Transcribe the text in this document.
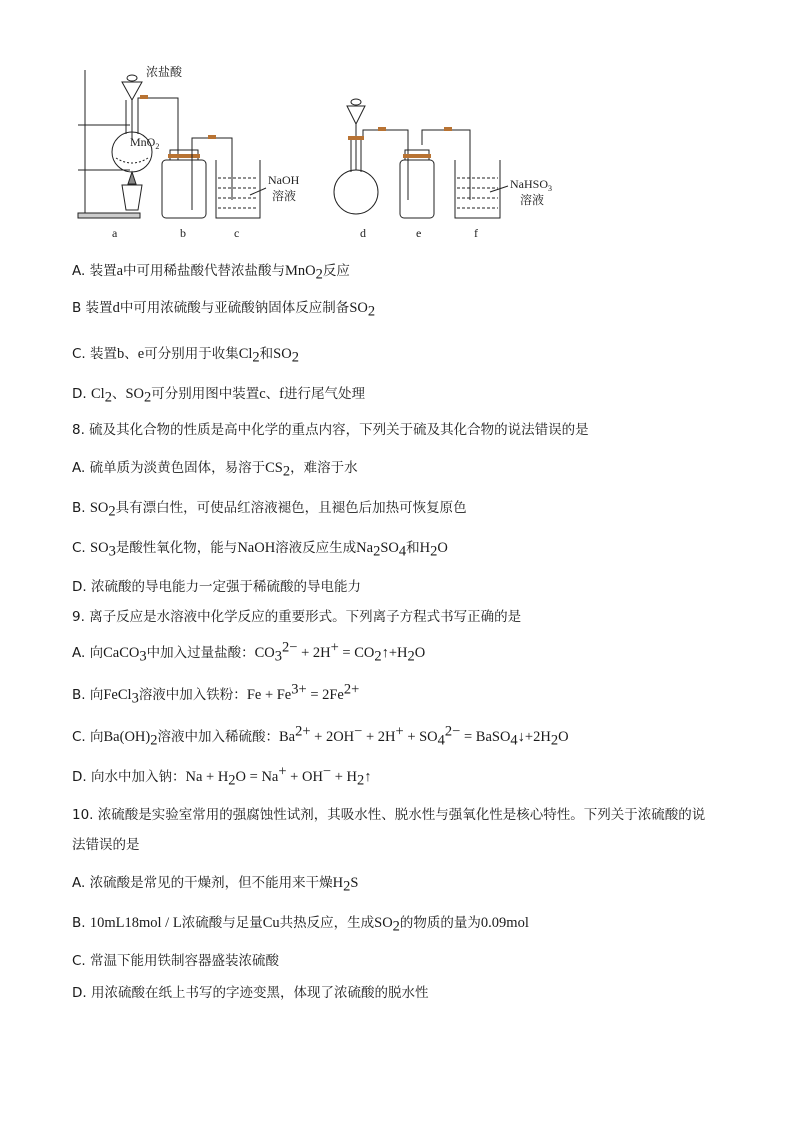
浓盐酸
MnO$_2$
NaOH
溶液
NaHSO$_3$
溶液
a	b	c	d	e	f
A. 装置a中可用稀盐酸代替浓盐酸与MnO$_2$反应
B 装置d中可用浓硫酸与亚硫酸钠固体反应制备$SO_2$
C. 装置b、e可分别用于收集$Cl_2$和$SO_2$
D. $Cl_2$、$SO_2$可分别用图中装置c、f进行尾气处理
8. 硫及其化合物的性质是高中化学的重点内容，下列关于硫及其化合物的说法错误的是
A. 硫单质为淡黄色固体，易溶于$CS_2$，难溶于水
B. $SO_2$具有漂白性，可使品红溶液褪色，且褪色后加热可恢复原色
C. $SO_3$是酸性氧化物，能与NaOH溶液反应生成$Na_2SO_4$和$H_2O$
D. 浓硫酸的导电能力一定强于稀硫酸的导电能力
9. 离子反应是水溶液中化学反应的重要形式。下列离子方程式书写正确的是
A. 向CaCO$_3$中加入过量盐酸：$CO_3^{2-} + 2H^+$ = $CO_2↑+H_2O$
B. 向FeCl$_3$溶液中加入铁粉：$Fe + Fe^{3+} = 2Fe^{2+}$
C. 向$Ba(OH)_2$溶液中加入稀硫酸：$Ba^{2+} + 2OH^- + 2H^+ + SO_4^{2-}$ = $BaSO_4↓+2H_2O$
D. 向水中加入钠：$Na + H_2O = Na^+ + OH^-$ + $H_2↑$
10. 浓硫酸是实验室常用的强腐蚀性试剂，其吸水性、脱水性与强氧化性是核心特性。下列关于浓硫酸的说
法错误的是
A. 浓硫酸是常见的干燥剂，但不能用来干燥$H_2S$
B. 10mL18mol / L浓硫酸与足量Cu共热反应，生成$SO_2$的物质的量为0.09mol
C. 常温下能用铁制容器盛装浓硫酸
D. 用浓硫酸在纸上书写的字迹变黑，体现了浓硫酸的脱水性
